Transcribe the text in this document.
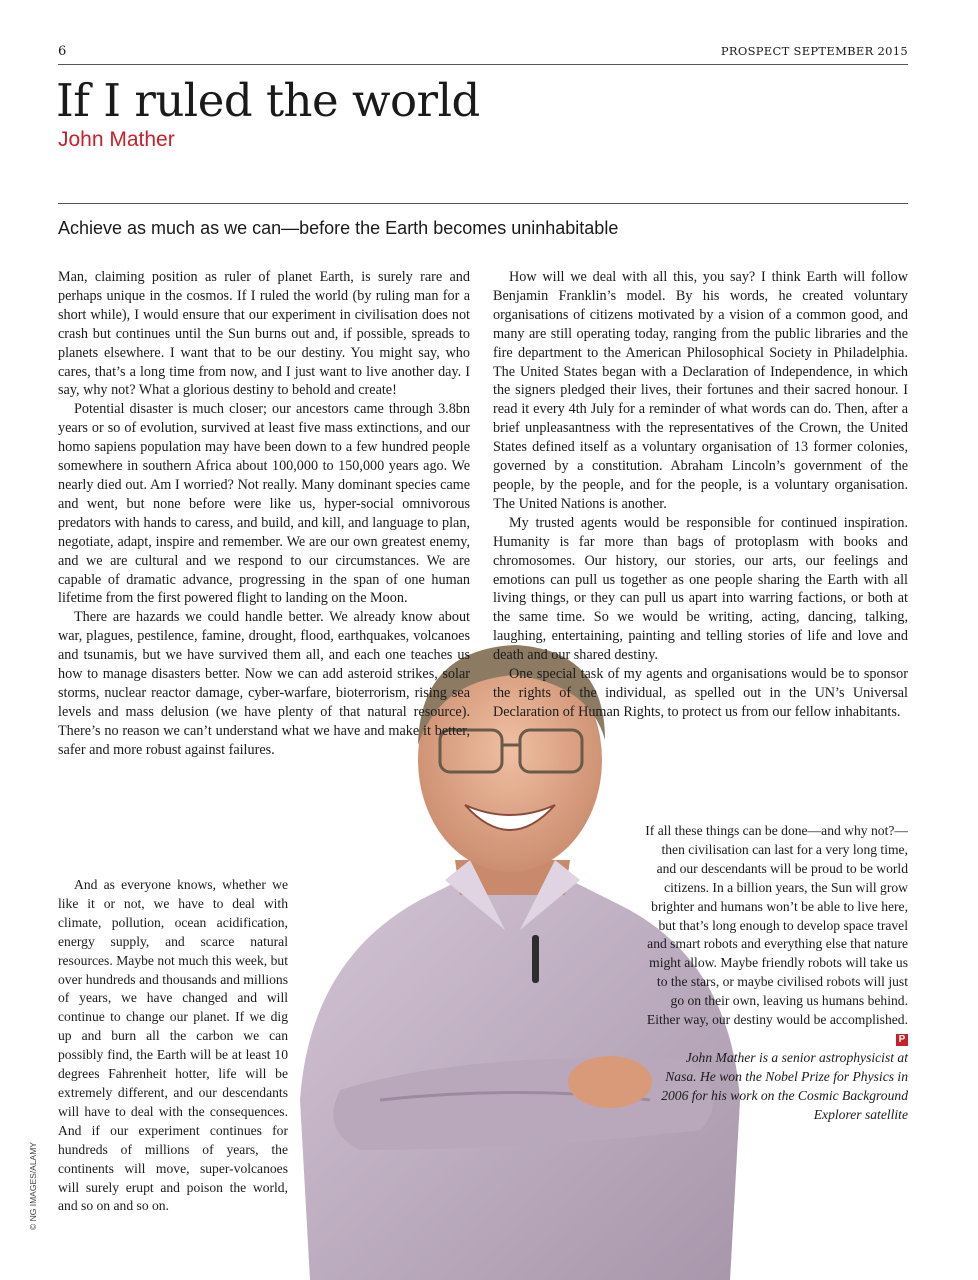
6	PROSPECT SEPTEMBER 2015
If I ruled the world
John Mather
Achieve as much as we can—before the Earth becomes uninhabitable

Man, claiming position as ruler of planet Earth, is surely rare and perhaps unique in the cosmos. If I ruled the world (by ruling man for a short while), I would ensure that our experiment in civilisation does not crash but continues until the Sun burns out and, if possible, spreads to planets elsewhere. I want that to be our destiny. You might say, who cares, that’s a long time from now, and I just want to live another day. I say, why not? What a glorious destiny to behold and create!

Potential disaster is much closer; our ancestors came through 3.8bn years or so of evolution, survived at least five mass extinctions, and our homo sapiens population may have been down to a few hundred people somewhere in southern Africa about 100,000 to 150,000 years ago. We nearly died out. Am I worried? Not really. Many dominant species came and went, but none before were like us, hyper-social omnivorous predators with hands to caress, and build, and kill, and language to plan, negotiate, adapt, inspire and remember. We are our own greatest enemy, and we are cultural and we respond to our circumstances. We are capable of dramatic advance, progressing in the span of one human lifetime from the first powered flight to landing on the Moon.

There are hazards we could handle better. We already know about war, plagues, pestilence, famine, drought, flood, earthquakes, volcanoes and tsunamis, but we have survived them all, and each one teaches us how to manage disasters better. Now we can add asteroid strikes, solar storms, nuclear reactor damage, cyber-warfare, bioterrorism, rising sea levels and mass delusion (we have plenty of that natural resource). There’s no reason we can’t understand what we have and make it better, safer and more robust against failures.

How will we deal with all this, you say? I think Earth will follow Benjamin Franklin’s model. By his words, he created voluntary organisations of citizens motivated by a vision of a common good, and many are still operating today, ranging from the public libraries and the fire department to the American Philosophical Society in Philadelphia. The United States began with a Declaration of Independence, in which the signers pledged their lives, their fortunes and their sacred honour. I read it every 4th July for a reminder of what words can do. Then, after a brief unpleasantness with the representatives of the Crown, the United States defined itself as a voluntary organisation of 13 former colonies, governed by a constitution. Abraham Lincoln’s government of the people, by the people, and for the people, is a voluntary organisation. The United Nations is another.

My trusted agents would be responsible for continued inspiration. Humanity is far more than bags of protoplasm with books and chromosomes. Our history, our stories, our arts, our feelings and emotions can pull us together as one people sharing the Earth with all living things, or they can pull us apart into warring factions, or both at the same time. So we would be writing, acting, dancing, talking, laughing, entertaining, painting and telling stories of life and love and death and our shared destiny.

One special task of my agents and organisations would be to sponsor the rights of the individual, as spelled out in the UN’s Universal Declaration of Human Rights, to protect us from our fellow inhabitants.

And as everyone knows, whether we like it or not, we have to deal with climate, pollution, ocean acidification, energy supply, and scarce natural resources. Maybe not much this week, but over hundreds and thousands and millions of years, we have changed and will continue to change our planet. If we dig up and burn all the carbon we can possibly find, the Earth will be at least 10 degrees Fahrenheit hotter, life will be extremely different, and our descendants will have to deal with the consequences. And if our experiment continues for hundreds of millions of years, the continents will move, super-volcanoes will surely erupt and poison the world, and so on and so on.

If all these things can be done—and why not?—then civilisation can last for a very long time, and our descendants will be proud to be world citizens. In a billion years, the Sun will grow brighter and humans won’t be able to live here, but that’s long enough to develop space travel and smart robots and everything else that nature might allow. Maybe friendly robots will take us to the stars, or maybe civilised robots will just go on their own, leaving us humans behind. Either way, our destiny would be accomplished. P

John Mather is a senior astrophysicist at Nasa. He won the Nobel Prize for Physics in 2006 for his work on the Cosmic Background Explorer satellite

© NG IMAGES/ALAMY
